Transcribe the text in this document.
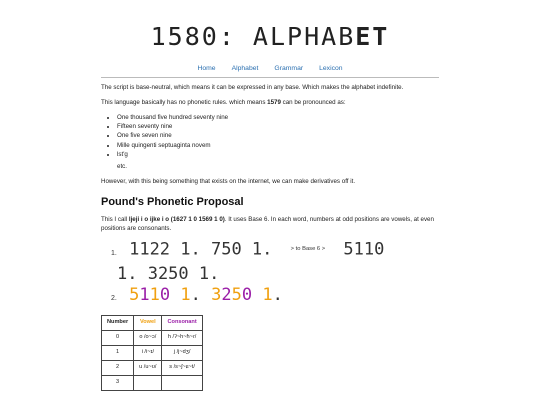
1580: ALPHABET
Home Alphabet Grammar Lexicon

The script is base-neutral, which means it can be expressed in any base. Which makes the alphabet indefinite.

This language basically has no phonetic rules. which means 1579 can be pronounced as:

• One thousand five hundred seventy nine
• Fifteen seventy nine
• One five seven nine
• Mille quingenti septuaginta novem
• lst'g
etc.

However, with this being something that exists on the internet, we can make derivatives off it.

Pound's Phonetic Proposal

This I call ljeji i o ijke i o (1627 1 0 1569 1 0). It uses Base 6. In each word, numbers at odd positions are vowels, at even positions are consonants.

1. 1122 1. 750 1.	> to Base 6 > 5110
1. 3250 1.
2. 5110 1. 3250 1.
Number	Vowel	Consonant
0	o /o~ɔ/	h /ʔ~h~ɦ~ɾ/
1	i /i~ɪ/	j /j~dʒ/
2	u /u~ʊ/	s /s~ʃ~ɕ~t/
3		
